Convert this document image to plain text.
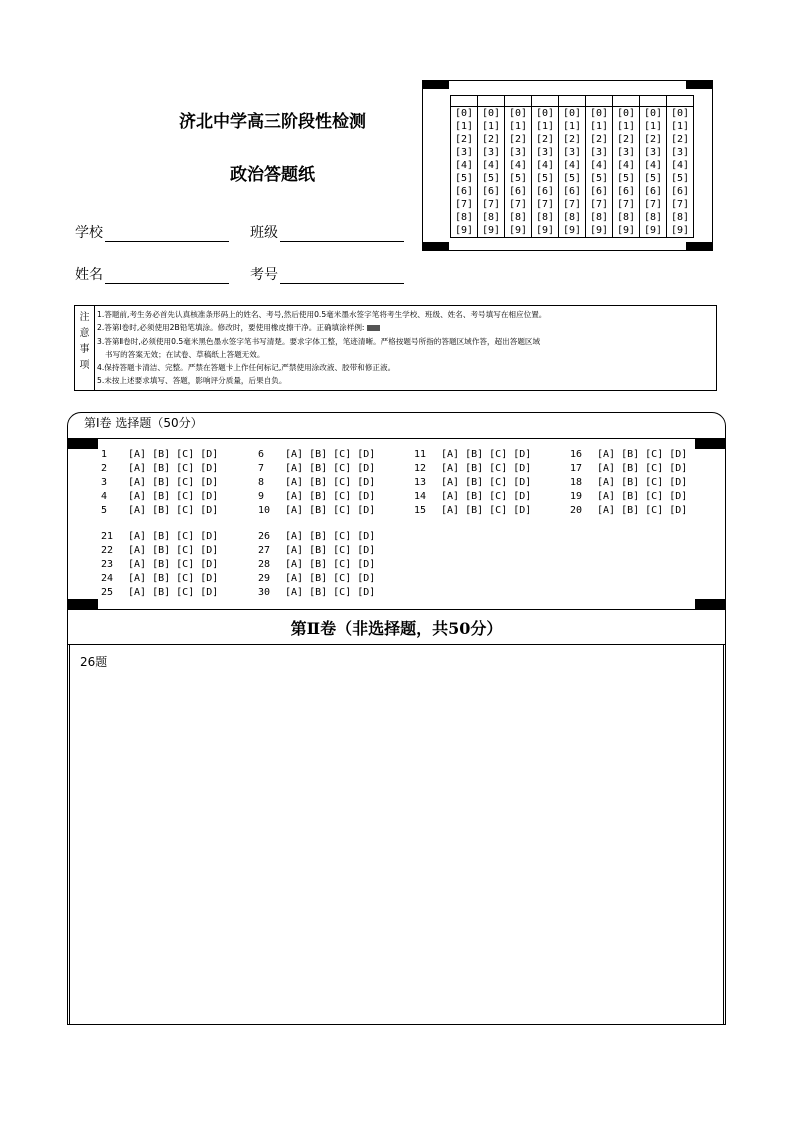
济北中学高三阶段性检测
政治答题纸
学校	班级
姓名	考号

[0]	[0]	[0]	[0]	[0]	[0]	[0]	[0]	[0]
[1]	[1]	[1]	[1]	[1]	[1]	[1]	[1]	[1]
[2]	[2]	[2]	[2]	[2]	[2]	[2]	[2]	[2]
[3]	[3]	[3]	[3]	[3]	[3]	[3]	[3]	[3]
[4]	[4]	[4]	[4]	[4]	[4]	[4]	[4]	[4]
[5]	[5]	[5]	[5]	[5]	[5]	[5]	[5]	[5]
[6]	[6]	[6]	[6]	[6]	[6]	[6]	[6]	[6]
[7]	[7]	[7]	[7]	[7]	[7]	[7]	[7]	[7]
[8]	[8]	[8]	[8]	[8]	[8]	[8]	[8]	[8]
[9]	[9]	[9]	[9]	[9]	[9]	[9]	[9]	[9]
注
意
事
项
1.答题前,考生务必首先认真核准条形码上的姓名、考号,然后使用0.5毫米墨水签字笔将考生学校、班级、姓名、考号填写在相应位置。
2.答第Ⅰ卷时,必须使用2B铅笔填涂。修改时，要使用橡皮擦干净。正确填涂样例:
3.答第Ⅱ卷时,必须使用0.5毫米黑色墨水签字笔书写清楚。要求字体工整，笔迹清晰。严格按题号所指的答题区域作答，超出答题区域
书写的答案无效；在试卷、草稿纸上答题无效。
4.保持答题卡清洁、完整。严禁在答题卡上作任何标记,严禁使用涂改液、胶带和修正液。
5.未按上述要求填写、答题，影响评分质量，后果自负。
第Ⅰ卷 选择题（50分）
1 [A] [B] [C] [D]
2 [A] [B] [C] [D]
3 [A] [B] [C] [D]
4 [A] [B] [C] [D]
5 [A] [B] [C] [D]
6 [A] [B] [C] [D]
7 [A] [B] [C] [D]
8 [A] [B] [C] [D]
9 [A] [B] [C] [D]
10 [A] [B] [C] [D]
11 [A] [B] [C] [D]
12 [A] [B] [C] [D]
13 [A] [B] [C] [D]
14 [A] [B] [C] [D]
15 [A] [B] [C] [D]
16 [A] [B] [C] [D]
17 [A] [B] [C] [D]
18 [A] [B] [C] [D]
19 [A] [B] [C] [D]
20 [A] [B] [C] [D]
21 [A] [B] [C] [D]
22 [A] [B] [C] [D]
23 [A] [B] [C] [D]
24 [A] [B] [C] [D]
25 [A] [B] [C] [D]
26 [A] [B] [C] [D]
27 [A] [B] [C] [D]
28 [A] [B] [C] [D]
29 [A] [B] [C] [D]
30 [A] [B] [C] [D]
第Ⅱ卷（非选择题，共50分）
26题
